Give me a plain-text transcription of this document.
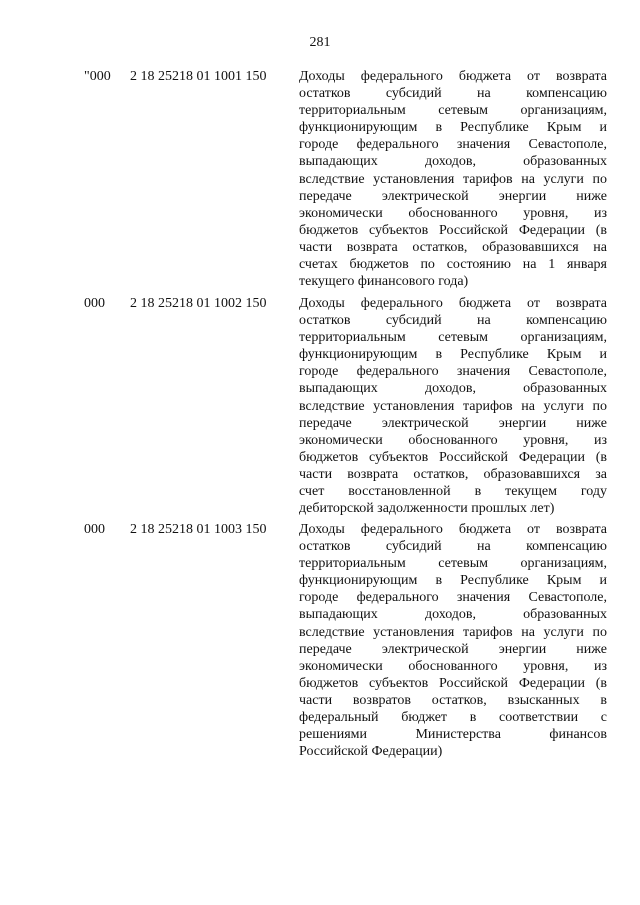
281
"000 2 18 25218 01 1001 150 Доходы федерального бюджета от возврата
остатков субсидий на компенсацию
территориальным сетевым организациям,
функционирующим в Республике Крым и
городе федерального значения Севастополе,
выпадающих доходов, образованных
вследствие установления тарифов на услуги по
передаче электрической энергии ниже
экономически обоснованного уровня, из
бюджетов субъектов Российской Федерации (в
части возврата остатков, образовавшихся на
счетах бюджетов по состоянию на 1 января
текущего финансового года)
000 2 18 25218 01 1002 150 Доходы федерального бюджета от возврата
остатков субсидий на компенсацию
территориальным сетевым организациям,
функционирующим в Республике Крым и
городе федерального значения Севастополе,
выпадающих доходов, образованных
вследствие установления тарифов на услуги по
передаче электрической энергии ниже
экономически обоснованного уровня, из
бюджетов субъектов Российской Федерации (в
части возврата остатков, образовавшихся за
счет восстановленной в текущем году
дебиторской задолженности прошлых лет)
000 2 18 25218 01 1003 150 Доходы федерального бюджета от возврата
остатков субсидий на компенсацию
территориальным сетевым организациям,
функционирующим в Республике Крым и
городе федерального значения Севастополе,
выпадающих доходов, образованных
вследствие установления тарифов на услуги по
передаче электрической энергии ниже
экономически обоснованного уровня, из
бюджетов субъектов Российской Федерации (в
части возвратов остатков, взысканных в
федеральный бюджет в соответствии с
решениями Министерства финансов
Российской Федерации)
